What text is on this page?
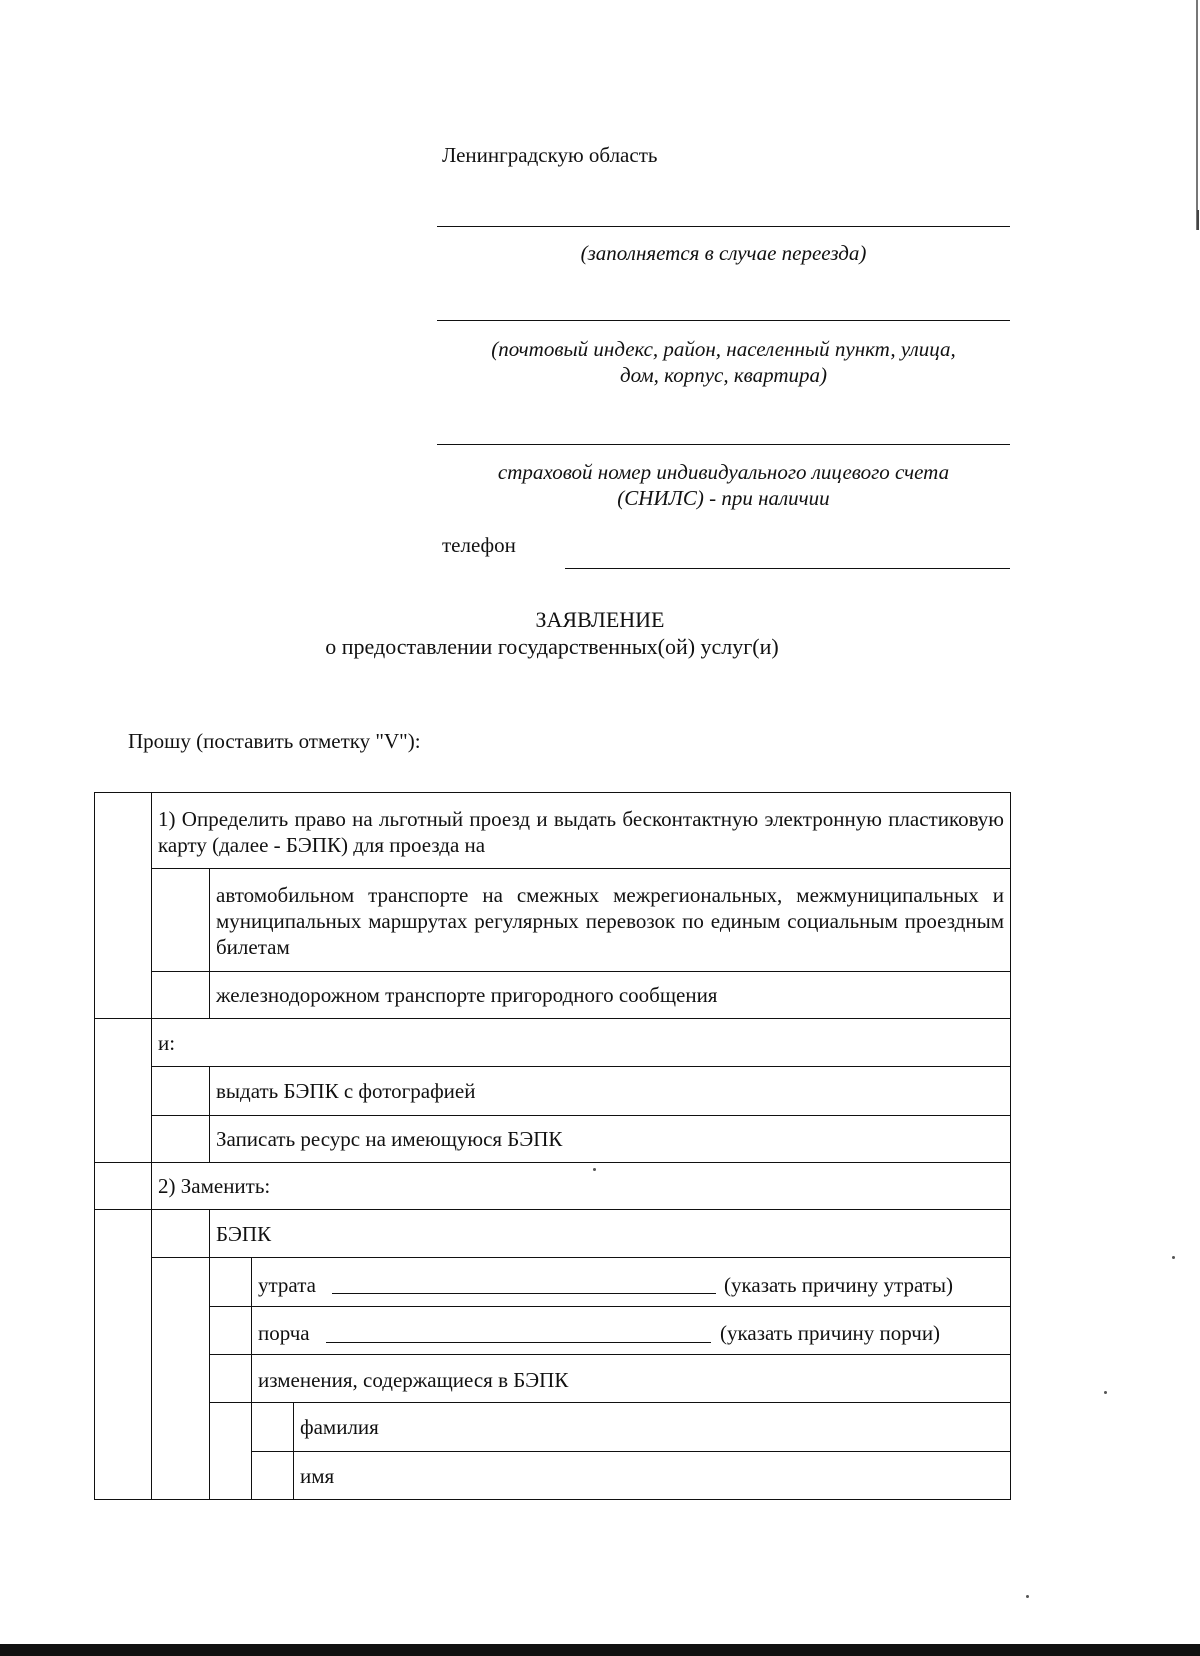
Ленинградскую область
(заполняется в случае переезда)
(почтовый индекс, район, населенный пункт, улица,
дом, корпус, квартира)
страховой номер индивидуального лицевого счета
(СНИЛС) - при наличии
телефон
ЗАЯВЛЕНИЕ
о предоставлении государственных(ой) услуг(и)
Прошу (поставить отметку "V"):
1) Определить право на льготный проезд и выдать бесконтактную электронную пластиковую карту (далее - БЭПК) для проезда на
автомобильном транспорте на смежных межрегиональных, межмуниципальных и муниципальных маршрутах регулярных перевозок по единым социальным проездным билетам
железнодорожном транспорте пригородного сообщения
и:
выдать БЭПК с фотографией
Записать ресурс на имеющуюся БЭПК
2) Заменить:
БЭПК
утрата	(указать причину утраты)
порча	(указать причину порчи)
изменения, содержащиеся в БЭПК
фамилия
имя
